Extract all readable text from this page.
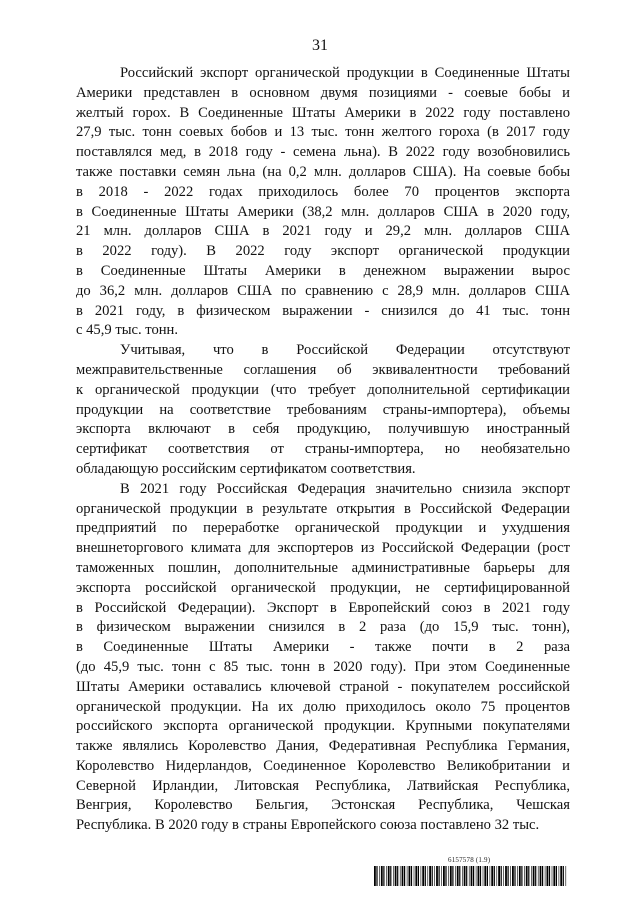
31
Российский экспорт органической продукции в Соединенные Штаты
Америки представлен в основном двумя позициями - соевые бобы и
желтый горох. В Соединенные Штаты Америки в 2022 году поставлено
27,9 тыс. тонн соевых бобов и 13 тыс. тонн желтого гороха (в 2017 году
поставлялся мед, в 2018 году - семена льна). В 2022 году возобновились
также поставки семян льна (на 0,2 млн. долларов США). На соевые бобы
в 2018 - 2022 годах приходилось более 70 процентов экспорта
в Соединенные Штаты Америки (38,2 млн. долларов США в 2020 году,
21 млн. долларов США в 2021 году и 29,2 млн. долларов США
в 2022 году). В 2022 году экспорт органической продукции
в Соединенные Штаты Америки в денежном выражении вырос
до 36,2 млн. долларов США по сравнению с 28,9 млн. долларов США
в 2021 году, в физическом выражении - снизился до 41 тыс. тонн
с 45,9 тыс. тонн.
Учитывая, что в Российской Федерации отсутствуют
межправительственные соглашения об эквивалентности требований
к органической продукции (что требует дополнительной сертификации
продукции на соответствие требованиям страны-импортера), объемы
экспорта включают в себя продукцию, получившую иностранный
сертификат соответствия от страны-импортера, но необязательно
обладающую российским сертификатом соответствия.
В 2021 году Российская Федерация значительно снизила экспорт
органической продукции в результате открытия в Российской Федерации
предприятий по переработке органической продукции и ухудшения
внешнеторгового климата для экспортеров из Российской Федерации (рост
таможенных пошлин, дополнительные административные барьеры для
экспорта российской органической продукции, не сертифицированной
в Российской Федерации). Экспорт в Европейский союз в 2021 году
в физическом выражении снизился в 2 раза (до 15,9 тыс. тонн),
в Соединенные Штаты Америки - также почти в 2 раза
(до 45,9 тыс. тонн с 85 тыс. тонн в 2020 году). При этом Соединенные
Штаты Америки оставались ключевой страной - покупателем российской
органической продукции. На их долю приходилось около 75 процентов
российского экспорта органической продукции. Крупными покупателями
также являлись Королевство Дания, Федеративная Республика Германия,
Королевство Нидерландов, Соединенное Королевство Великобритании и
Северной Ирландии, Литовская Республика, Латвийская Республика,
Венгрия, Королевство Бельгия, Эстонская Республика, Чешская
Республика. В 2020 году в страны Европейского союза поставлено 32 тыс.
6157578 (1.9)
